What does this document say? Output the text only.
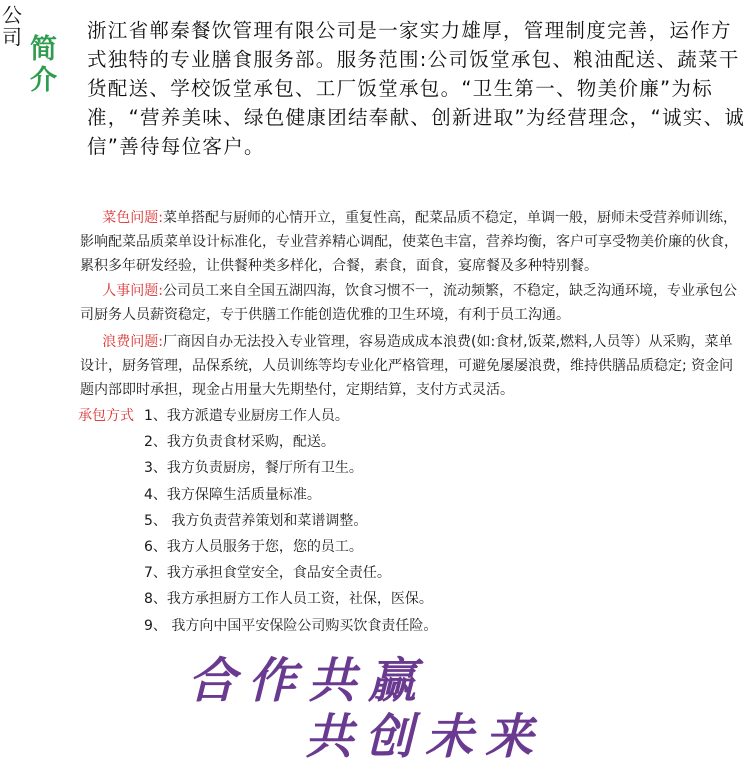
公
司 简
介
浙江省郸秦餐饮管理有限公司是一家实力雄厚，管理制度完善，运作方式独特的专业膳食服务部。服务范围:公司饭堂承包、粮油配送、蔬菜干货配送、学校饭堂承包、工厂饭堂承包。“卫生第一、物美价廉”为标准，“营养美味、绿色健康团结奉献、创新进取”为经营理念，“诚实、诚信”善待每位客户。
菜色问题:菜单搭配与厨师的心情开立，重复性高，配菜品质不稳定，单调一般，厨师未受营养师训练，影响配菜品质菜单设计标准化，专业营养精心调配，使菜色丰富，营养均衡，客户可享受物美价廉的伙食，累积多年研发经验，让供餐种类多样化，合餐，素食，面食，宴席餐及多种特别餐。
人事问题:公司员工来自全国五湖四海，饮食习惯不一，流动频繁，不稳定，缺乏沟通环境，专业承包公司厨务人员薪资稳定，专于供膳工作能创造优雅的卫生环境，有利于员工沟通。
浪费问题:厂商因自办无法投入专业管理，容易造成成本浪费(如:食材,饭菜,燃料,人员等）从采购，菜单设计，厨务管理，品保系统，人员训练等均专业化严格管理，可避免屡屡浪费，维持供膳品质稳定; 资金问题内部即时承担，现金占用量大先期垫付，定期结算，支付方式灵活。
承包方式 1、我方派遣专业厨房工作人员。
2、我方负责食材采购，配送。
3、我方负责厨房，餐厅所有卫生。
4、我方保障生活质量标准。
5、 我方负责营养策划和菜谱调整。
6、我方人员服务于您，您的员工。
7、我方承担食堂安全，食品安全责任。
8、我方承担厨方工作人员工资，社保，医保。
9、 我方向中国平安保险公司购买饮食责任险。
合作共赢
共创未来
